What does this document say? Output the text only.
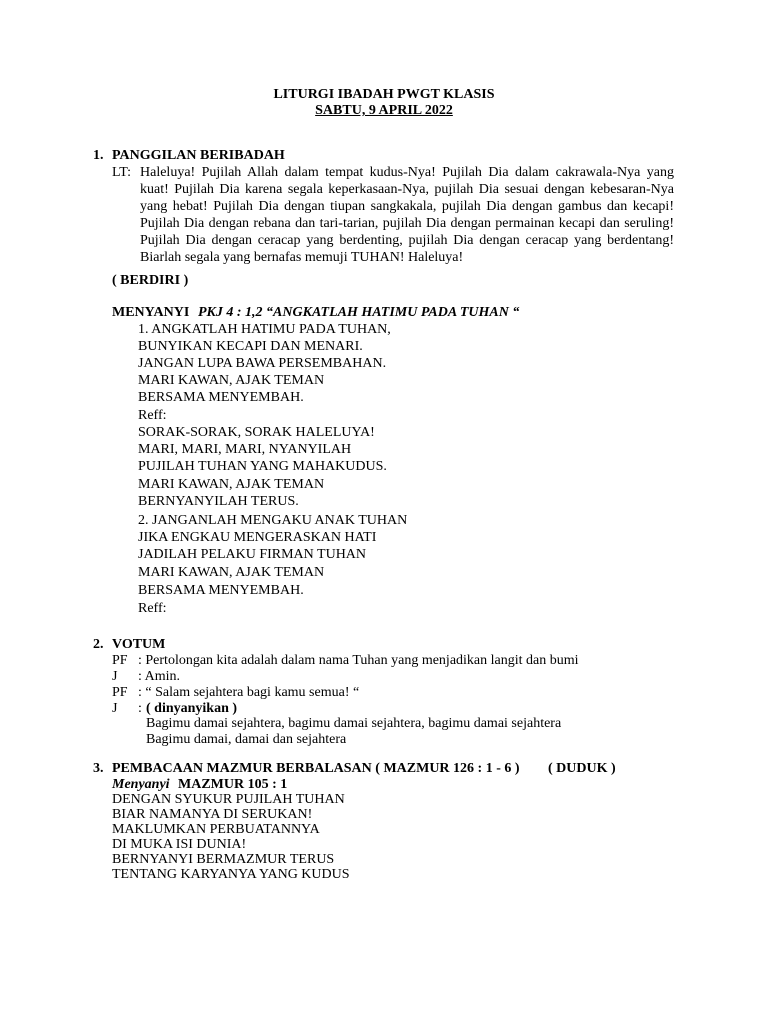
LITURGI IBADAH PWGT KLASIS
SABTU, 9 APRIL 2022
1. PANGGILAN BERIBADAH
LT: Haleluya! Pujilah Allah dalam tempat kudus-Nya! Pujilah Dia dalam cakrawala-Nya yang kuat! Pujilah Dia karena segala keperkasaan-Nya, pujilah Dia sesuai dengan kebesaran-Nya yang hebat! Pujilah Dia dengan tiupan sangkakala, pujilah Dia dengan gambus dan kecapi! Pujilah Dia dengan rebana dan tari-tarian, pujilah Dia dengan permainan kecapi dan seruling! Pujilah Dia dengan ceracap yang berdenting, pujilah Dia dengan ceracap yang berdentang! Biarlah segala yang bernafas memuji TUHAN! Haleluya!
( BERDIRI )
MENYANYI PKJ 4 : 1,2 “ANGKATLAH HATIMU PADA TUHAN “
1. ANGKATLAH HATIMU PADA TUHAN,
BUNYIKAN KECAPI DAN MENARI.
JANGAN LUPA BAWA PERSEMBAHAN.
MARI KAWAN, AJAK TEMAN
BERSAMA MENYEMBAH.
Reff:
SORAK-SORAK, SORAK HALELUYA!
MARI, MARI, MARI, NYANYILAH
PUJILAH TUHAN YANG MAHAKUDUS.
MARI KAWAN, AJAK TEMAN
BERNYANYILAH TERUS.
2. JANGANLAH MENGAKU ANAK TUHAN
JIKA ENGKAU MENGERASKAN HATI
JADILAH PELAKU FIRMAN TUHAN
MARI KAWAN, AJAK TEMAN
BERSAMA MENYEMBAH.
Reff:
2. VOTUM
PF : Pertolongan kita adalah dalam nama Tuhan yang menjadikan langit dan bumi
J : Amin.
PF : “ Salam sejahtera bagi kamu semua! “
J : ( dinyanyikan )
Bagimu damai sejahtera, bagimu damai sejahtera, bagimu damai sejahtera
Bagimu damai, damai dan sejahtera
3. PEMBACAAN MAZMUR BERBALASAN ( MAZMUR 126 : 1 - 6 ) ( DUDUK )
Menyanyi MAZMUR 105 : 1
DENGAN SYUKUR PUJILAH TUHAN
BIAR NAMANYA DI SERUKAN!
MAKLUMKAN PERBUATANNYA
DI MUKA ISI DUNIA!
BERNYANYI BERMAZMUR TERUS
TENTANG KARYANYA YANG KUDUS
